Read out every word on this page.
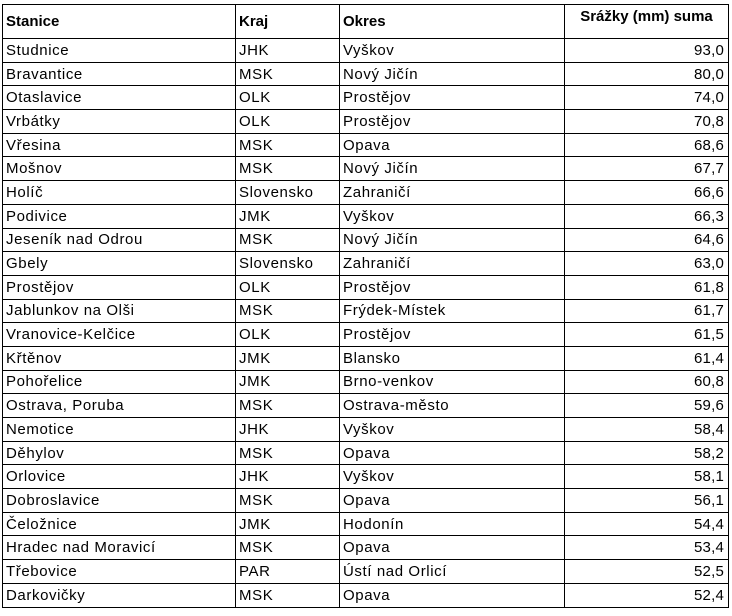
Stanice	Kraj	Okres	Srážky (mm) suma
Studnice	JHK	Vyškov	93,0
Bravantice	MSK	Nový Jičín	80,0
Otaslavice	OLK	Prostějov	74,0
Vrbátky	OLK	Prostějov	70,8
Vřesina	MSK	Opava	68,6
Mošnov	MSK	Nový Jičín	67,7
Holíč	Slovensko	Zahraničí	66,6
Podivice	JMK	Vyškov	66,3
Jeseník nad Odrou	MSK	Nový Jičín	64,6
Gbely	Slovensko	Zahraničí	63,0
Prostějov	OLK	Prostějov	61,8
Jablunkov na Olši	MSK	Frýdek-Místek	61,7
Vranovice-Kelčice	OLK	Prostějov	61,5
Křtěnov	JMK	Blansko	61,4
Pohořelice	JMK	Brno-venkov	60,8
Ostrava, Poruba	MSK	Ostrava-město	59,6
Nemotice	JHK	Vyškov	58,4
Děhylov	MSK	Opava	58,2
Orlovice	JHK	Vyškov	58,1
Dobroslavice	MSK	Opava	56,1
Čeložnice	JMK	Hodonín	54,4
Hradec nad Moravicí	MSK	Opava	53,4
Třebovice	PAR	Ústí nad Orlicí	52,5
Darkovičky	MSK	Opava	52,4
